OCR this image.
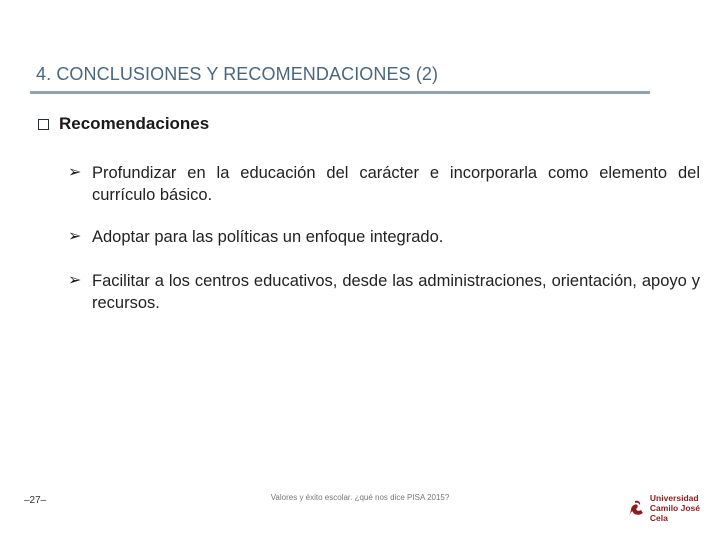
4. CONCLUSIONES Y RECOMENDACIONES (2)
Recomendaciones
➢ Profundizar en la educación del carácter e incorporarla como elemento del currículo básico.
➢ Adoptar para las políticas un enfoque integrado.
➢ Facilitar a los centros educativos, desde las administraciones, orientación, apoyo y recursos.
–27–	Valores y éxito escolar. ¿qué nos dice PISA 2015?	Universidad
Camilo José Cela
